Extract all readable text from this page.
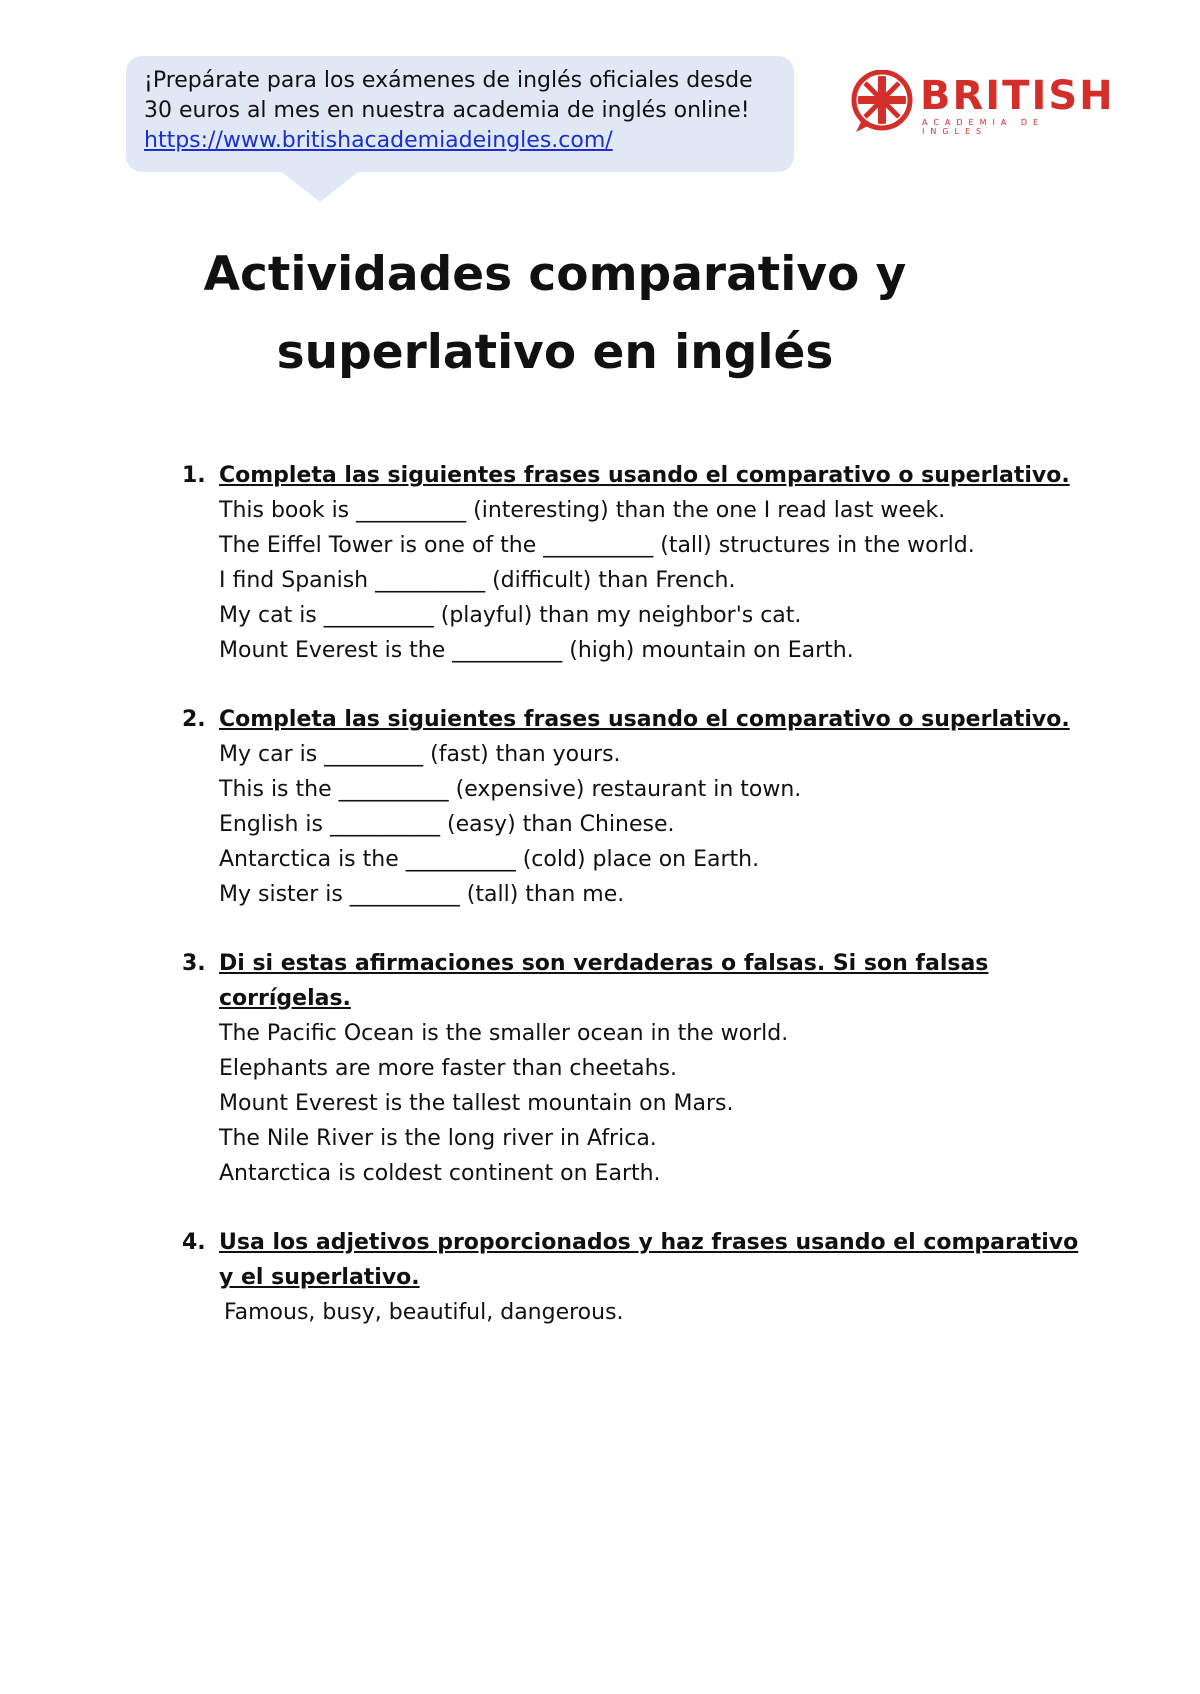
¡Prepárate para los exámenes de inglés oficiales desde
30 euros al mes en nuestra academia de inglés online!
https://www.britishacademiadeingles.com/
BRITISH
ACADEMIA DE INGLES
Actividades comparativo y
superlativo en inglés
1. Completa las siguientes frases usando el comparativo o superlativo.
This book is __________ (interesting) than the one I read last week.
The Eiffel Tower is one of the __________ (tall) structures in the world.
I find Spanish __________ (difficult) than French.
My cat is __________ (playful) than my neighbor's cat.
Mount Everest is the __________ (high) mountain on Earth.
2. Completa las siguientes frases usando el comparativo o superlativo.
My car is _________ (fast) than yours.
This is the __________ (expensive) restaurant in town.
English is __________ (easy) than Chinese.
Antarctica is the __________ (cold) place on Earth.
My sister is __________ (tall) than me.
3. Di si estas afirmaciones son verdaderas o falsas. Si son falsas
corrígelas.
The Pacific Ocean is the smaller ocean in the world.
Elephants are more faster than cheetahs.
Mount Everest is the tallest mountain on Mars.
The Nile River is the long river in Africa.
Antarctica is coldest continent on Earth.
4. Usa los adjetivos proporcionados y haz frases usando el comparativo
y el superlativo.
Famous, busy, beautiful, dangerous.
